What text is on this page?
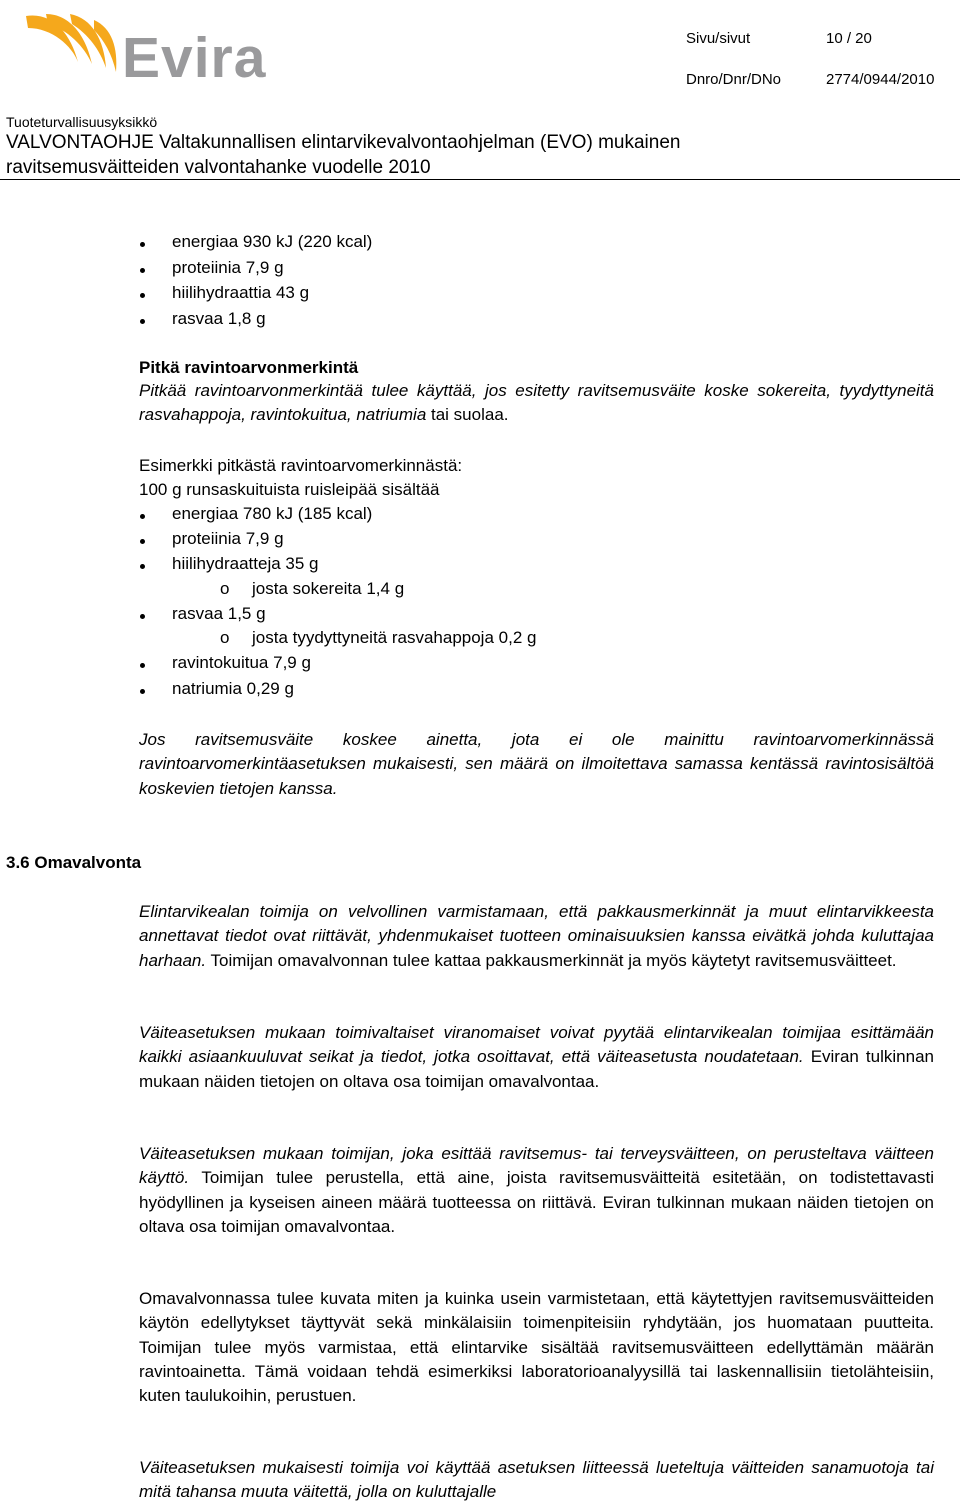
Evira	Sivu/sivut	10 / 20
Dnro/Dnr/DNo	2774/0944/2010
Tuoteturvallisuusyksikkö
VALVONTAOHJE Valtakunnallisen elintarvikevalvontaohjelman (EVO) mukainen
ravitsemusväitteiden valvontahanke vuodelle 2010
energiaa 930 kJ (220 kcal)
proteiinia 7,9 g
hiilihydraattia 43 g
rasvaa 1,8 g
Pitkä ravintoarvonmerkintä
Pitkää ravintoarvonmerkintää tulee käyttää, jos esitetty ravitsemusväite koske sokereita, tyydyttyneitä rasvahappoja, ravintokuitua, natriumia tai suolaa.
Esimerkki pitkästä ravintoarvomerkinnästä:
100 g runsaskuituista ruisleipää sisältää
energiaa 780 kJ (185 kcal)
proteiinia 7,9 g
hiilihydraatteja 35 g
o josta sokereita 1,4 g
rasvaa 1,5 g
o josta tyydyttyneitä rasvahappoja 0,2 g
ravintokuitua 7,9 g
natriumia 0,29 g
Jos ravitsemusväite koskee ainetta, jota ei ole mainittu ravintoarvomerkinnässä ravintoarvomerkintäasetuksen mukaisesti, sen määrä on ilmoitettava samassa kentässä ravintosisältöä koskevien tietojen kanssa.
3.6 Omavalvonta
Elintarvikealan toimija on velvollinen varmistamaan, että pakkausmerkinnät ja muut elintarvikkeesta annettavat tiedot ovat riittävät, yhdenmukaiset tuotteen ominaisuuksien kanssa eivätkä johda kuluttajaa harhaan. Toimijan omavalvonnan tulee kattaa pakkausmerkinnät ja myös käytetyt ravitsemusväitteet.
Väiteasetuksen mukaan toimivaltaiset viranomaiset voivat pyytää elintarvikealan toimijaa esittämään kaikki asiaankuuluvat seikat ja tiedot, jotka osoittavat, että väiteasetusta noudatetaan. Eviran tulkinnan mukaan näiden tietojen on oltava osa toimijan omavalvontaa.
Väiteasetuksen mukaan toimijan, joka esittää ravitsemus- tai terveysväitteen, on perusteltava väitteen käyttö. Toimijan tulee perustella, että aine, joista ravitsemusväitteitä esitetään, on todistettavasti hyödyllinen ja kyseisen aineen määrä tuotteessa on riittävä. Eviran tulkinnan mukaan näiden tietojen on oltava osa toimijan omavalvontaa.
Omavalvonnassa tulee kuvata miten ja kuinka usein varmistetaan, että käytettyjen ravitsemusväitteiden käytön edellytykset täyttyvät sekä minkälaisiin toimenpiteisiin ryhdytään, jos huomataan puutteita. Toimijan tulee myös varmistaa, että elintarvike sisältää ravitsemusväitteen edellyttämän määrän ravintoainetta. Tämä voidaan tehdä esimerkiksi laboratorioanalyysillä tai laskennallisiin tietolähteisiin, kuten taulukoihin, perustuen.
Väiteasetuksen mukaisesti toimija voi käyttää asetuksen liitteessä lueteltuja väitteiden sanamuotoja tai mitä tahansa muuta väitettä, jolla on kuluttajalle
